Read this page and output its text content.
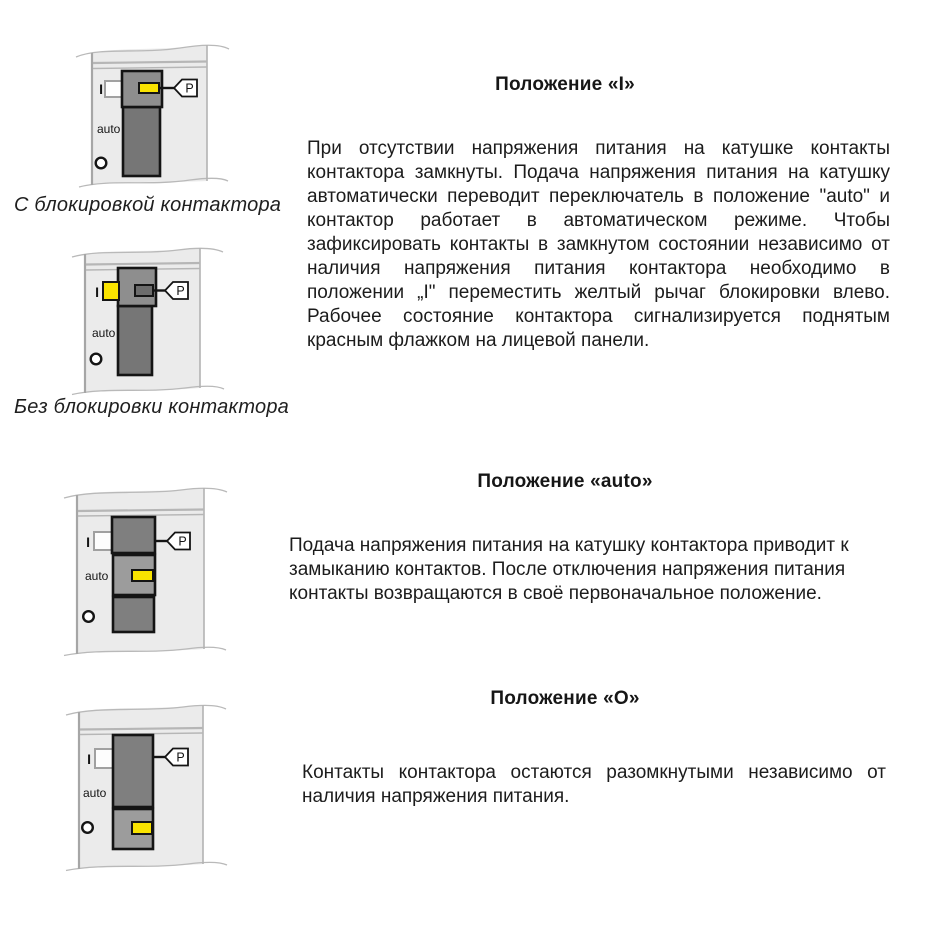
P
I
auto
С блокировкой контактора
P
I
auto
Без блокировки контактора
P
I
auto
P
I
auto
Положение «I»

При отсутствии напряжения питания на катушке контакты контактора замкнуты. Подача напряжения питания на катушку автоматически переводит переключатель в положение "auto" и контактор работает в автоматическом режиме. Чтобы зафиксировать контакты в замкнутом состоянии независимо от наличия напряжения питания контактора необходимо в положении „I" переместить желтый рычаг блокировки влево. Рабочее состояние контактора сигнализируется поднятым красным флажком на лицевой панели.

Положение «auto»

Подача напряжения питания на катушку контактора приводит к замыканию контактов. После отключения напряжения питания контакты возвращаются в своё первоначальное положение.

Положение «О»

Контакты контактора остаются разомкнутыми независимо от наличия напряжения питания.
